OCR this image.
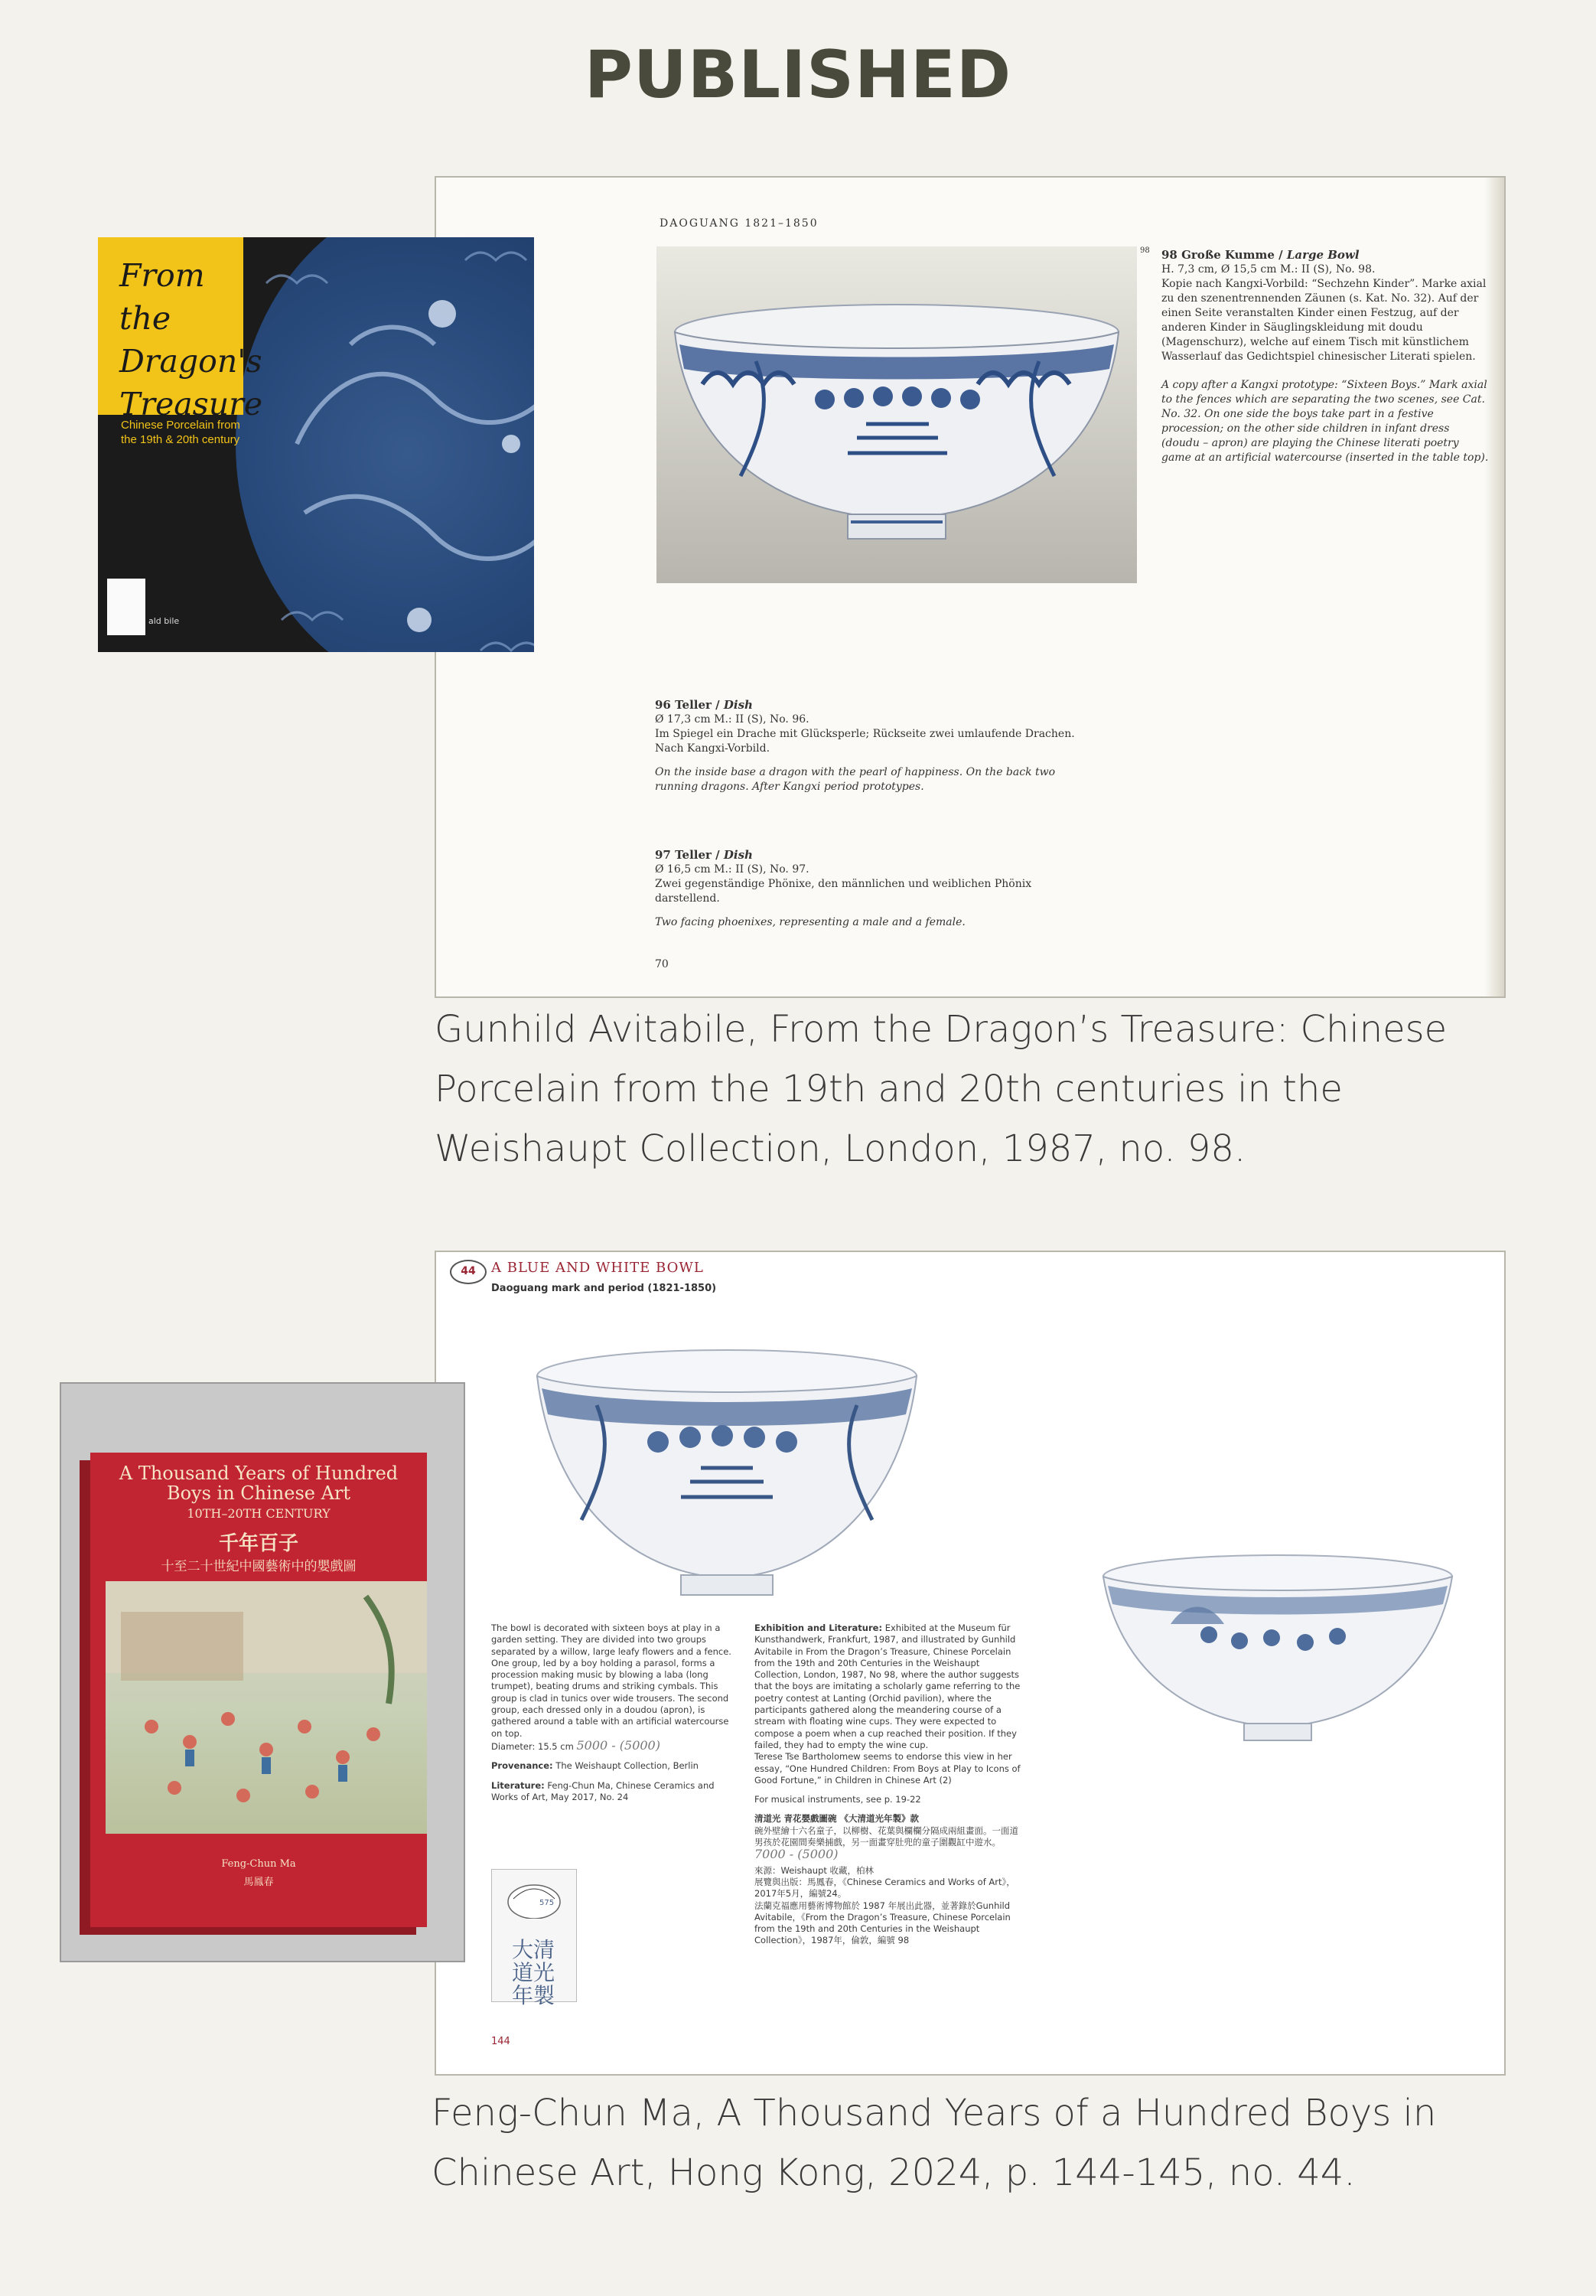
PUBLISHED
DAOGUANG 1821–1850
98 98 Große Kumme / Large Bowl
H. 7,3 cm, Ø 15,5 cm M.: II (S), No. 98.
Kopie nach Kangxi-Vorbild: “Sechzehn Kinder”. Marke axial zu den szenentrennenden Zäunen (s. Kat. No. 32). Auf der einen Seite veranstalten Kinder einen Festzug, auf der anderen Kinder in Säuglingskleidung mit doudu (Magenschurz), welche auf einem Tisch mit künstlichem Wasserlauf das Gedichtspiel chinesischer Literati spielen.
A copy after a Kangxi prototype: “Sixteen Boys.” Mark axial to the fences which are separating the two scenes, see Cat. No. 32. On one side the boys take part in a festive procession; on the other side children in infant dress (doudu – apron) are playing the Chinese literati poetry game at an artificial watercourse (inserted in the table top).
96 Teller / Dish
Ø 17,3 cm M.: II (S), No. 96.
Im Spiegel ein Drache mit Glücksperle; Rückseite zwei umlaufende Drachen. Nach Kangxi-Vorbild.
On the inside base a dragon with the pearl of happiness. On the back two running dragons. After Kangxi period prototypes.
97 Teller / Dish
Ø 16,5 cm M.: II (S), No. 97.
Zwei gegenständige Phönixe, den männlichen und weiblichen Phönix darstellend.
Two facing phoenixes, representing a male and a female.
70
From the Dragon's Treasure
Chinese Porcelain from the 19th & 20th century
ald bile
Gunhild Avitabile, From the Dragon’s Treasure: Chinese Porcelain from the 19th and 20th centuries in the Weishaupt Collection, London, 1987, no. 98.
44	A BLUE AND WHITE BOWL
Daoguang mark and period (1821-1850)
The bowl is decorated with sixteen boys at play in a garden setting. They are divided into two groups separated by a willow, large leafy flowers and a fence. One group, led by a boy holding a parasol, forms a procession making music by blowing a laba (long trumpet), beating drums and striking cymbals. This group is clad in tunics over wide trousers. The second group, each dressed only in a doudou (apron), is gathered around a table with an artificial watercourse on top.
Diameter: 15.5 cm 5000 - (5000)
Provenance: The Weishaupt Collection, Berlin
Literature: Feng-Chun Ma, Chinese Ceramics and Works of Art, May 2017, No. 24
575
大清道光年製
Exhibition and Literature: Exhibited at the Museum für Kunsthandwerk, Frankfurt, 1987, and illustrated by Gunhild Avitabile in From the Dragon’s Treasure, Chinese Porcelain from the 19th and 20th Centuries in the Weishaupt Collection, London, 1987, No 98, where the author suggests that the boys are imitating a scholarly game referring to the poetry contest at Lanting (Orchid pavilion), where the participants gathered along the meandering course of a stream with floating wine cups. They were expected to compose a poem when a cup reached their position. If they failed, they had to empty the wine cup.
Terese Tse Bartholomew seems to endorse this view in her essay, “One Hundred Children: From Boys at Play to Icons of Good Fortune,” in Children in Chinese Art (2)
For musical instruments, see p. 19-22
清道光 青花嬰戲圖碗 《大清道光年製》款
碗外壁繪十六名童子，以柳樹、花葉與欄欄分隔成兩組畫面。一面道男孩於花園間奏樂捕戲，另一面畫穿肚兜的童子圍觀缸中遊水。
7000 - (5000)
來源：Weishaupt 收藏，柏林
展覽與出版：馬鳳春，《Chinese Ceramics and Works of Art》，2017年5月，編號24。
法蘭克福應用藝術博物館於 1987 年展出此器，並著錄於Gunhild Avitabile，《From the Dragon’s Treasure, Chinese Porcelain from the 19th and 20th Centuries in the Weishaupt Collection》，1987年，倫敦，編號 98
144
A Thousand Years of Hundred Boys in Chinese Art
10TH–20TH CENTURY
千年百子
十至二十世紀中國藝術中的嬰戲圖
Feng-Chun Ma
馬鳳春
Feng-Chun Ma, A Thousand Years of a Hundred Boys in Chinese Art, Hong Kong, 2024, p. 144-145, no. 44.
